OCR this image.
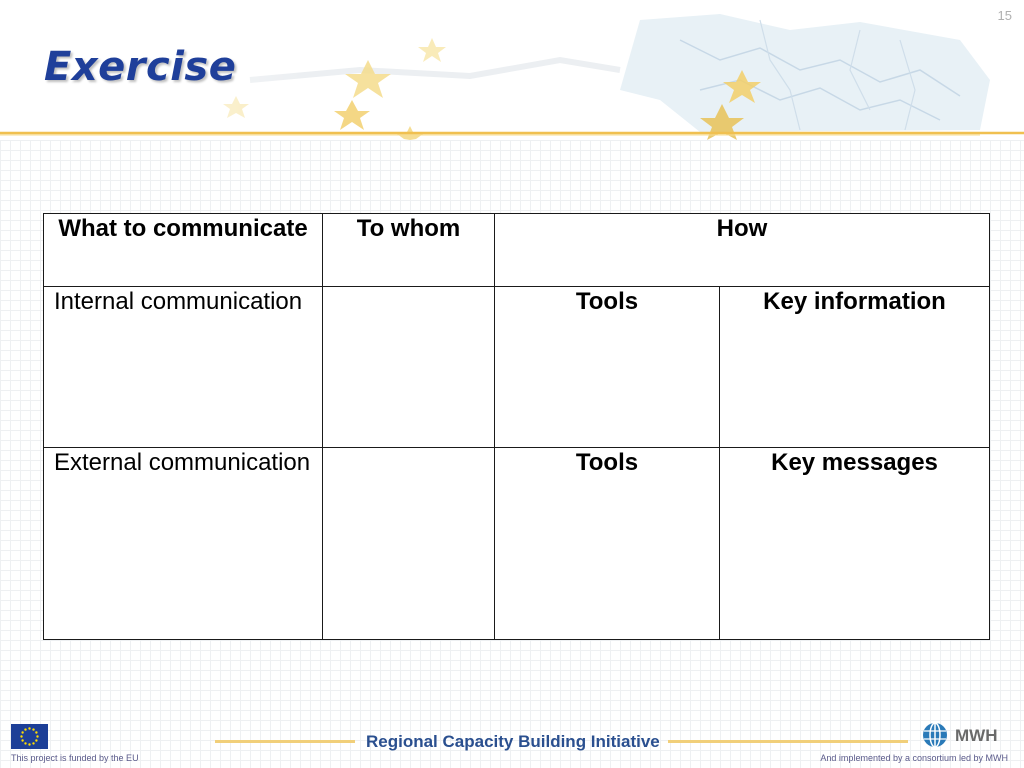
Exercise
15
What to communicate	To whom	How	
Internal communication		Tools	Key information
External communication		Tools	Key messages
This project is funded by the EU
Regional Capacity Building Initiative	MWH
And implemented by a consortium led by MWH
